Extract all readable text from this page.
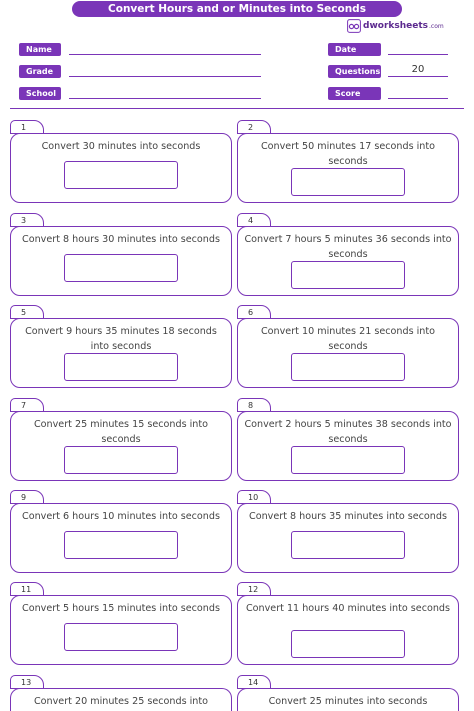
Convert Hours and or Minutes into Seconds
dworksheets .com
Name
Grade
School
Date
Questions	20
Score
1
Convert 30 minutes into seconds
2
Convert 50 minutes 17 seconds into seconds
3
Convert 8 hours 30 minutes into seconds
4
Convert 7 hours 5 minutes 36 seconds into seconds
5
Convert 9 hours 35 minutes 18 seconds into seconds
6
Convert 10 minutes 21 seconds into seconds
7
Convert 25 minutes 15 seconds into seconds
8
Convert 2 hours 5 minutes 38 seconds into seconds
9
Convert 6 hours 10 minutes into seconds
10
Convert 8 hours 35 minutes into seconds
11
Convert 5 hours 15 minutes into seconds
12
Convert 11 hours 40 minutes into seconds
13
Convert 20 minutes 25 seconds into
14
Convert 25 minutes into seconds
